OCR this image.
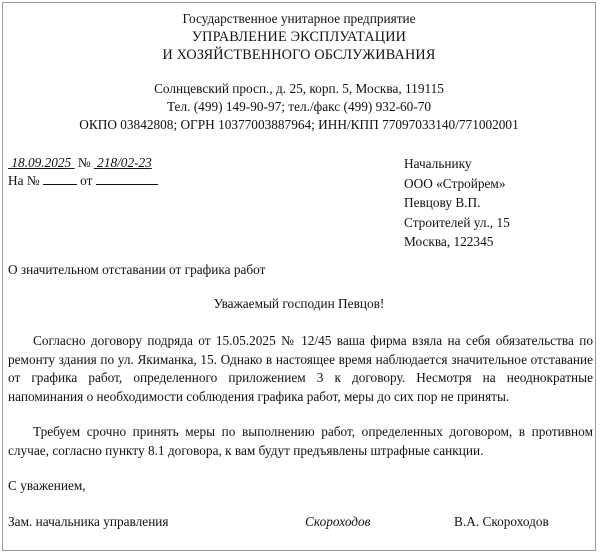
Государственное унитарное предприятие
УПРАВЛЕНИЕ ЭКСПЛУАТАЦИИ
И ХОЗЯЙСТВЕННОГО ОБСЛУЖИВАНИЯ
Солнцевский просп., д. 25, корп. 5, Москва, 119115
Тел. (499) 149-90-97; тел./факс (499) 932-60-70
ОКПО 03842808; ОГРН 10377003887964; ИНН/КПП 77097033140/771002001
18.09.2025 № 218/02-23
На №	от
Начальнику
ООО «Стройрем»
Певцову В.П.
Строителей ул., 15
Москва, 122345
О значительном отставании от графика работ
Уважаемый господин Певцов!
Согласно договору подряда от 15.05.2025 № 12/45 ваша фирма взяла на себя обязательства по ремонту здания по ул. Якиманка, 15. Однако в настоящее время наблюдается значительное отставание от графика работ, определенного приложением 3 к договору. Несмотря на неоднократные напоминания о необходимости соблюдения графика работ, меры до сих пор не приняты.
Требуем срочно принять меры по выполнению работ, определенных договором, в противном случае, согласно пункту 8.1 договора, к вам будут предъявлены штрафные санкции.
С уважением,
Зам. начальника управления	Скороходов	В.А. Скороходов
